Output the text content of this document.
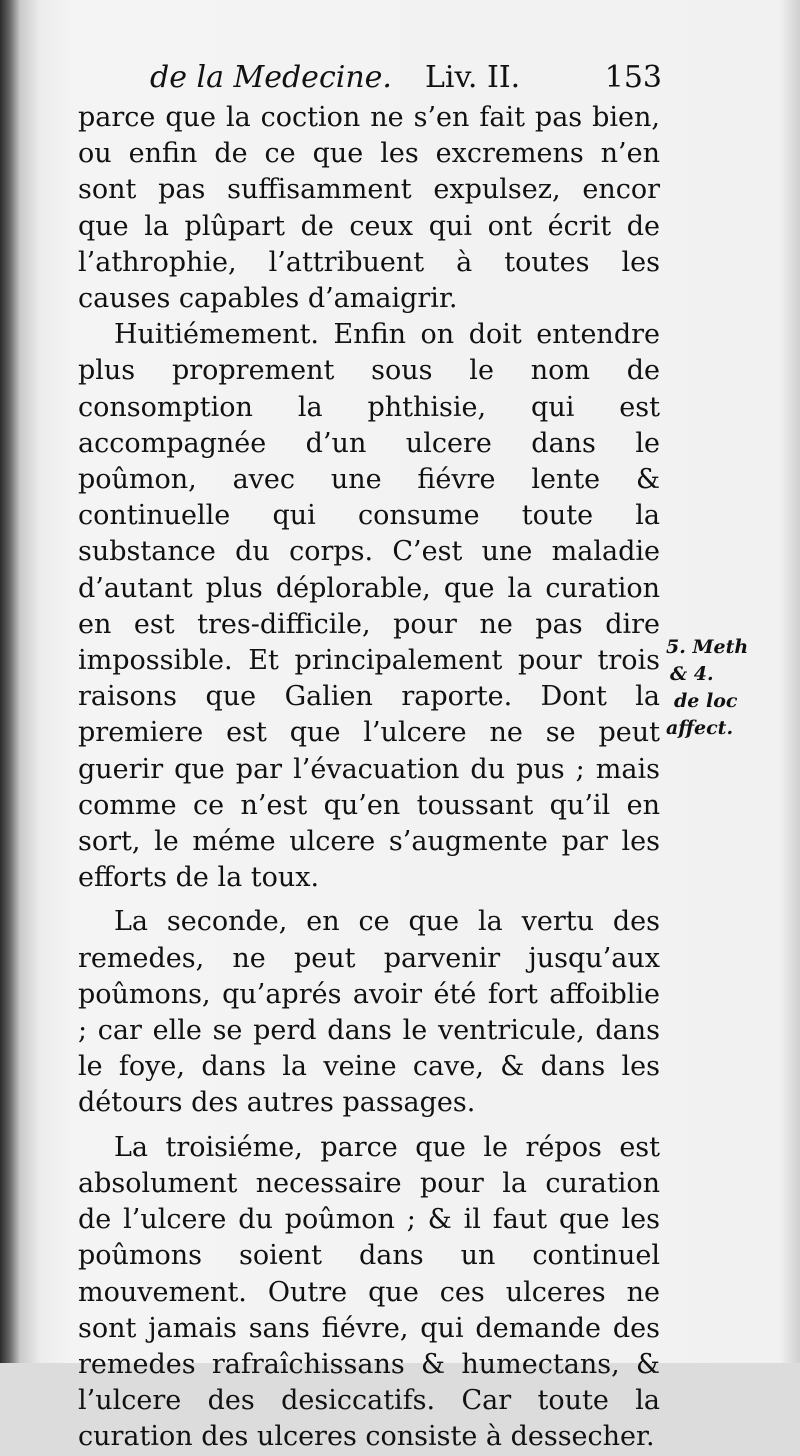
de la Medecine. Liv. II.	153

parce que la coction ne s’en fait pas bien, ou enfin de ce que les excremens n’en sont pas suffisamment expulsez, encor que la plûpart de ceux qui ont écrit de l’athrophie, l’attribuent à toutes les causes capables d’amaigrir.

Huitiémement. Enfin on doit entendre plus proprement sous le nom de consomption la phthisie, qui est accompagnée d’un ulcere dans le poûmon, avec une fiévre lente & continuelle qui consume toute la substance du corps. C’est une maladie d’autant plus déplorable, que la curation en est tres-difficile, pour ne pas dire impossible. Et principalement pour trois raisons que Galien raporte. Dont la premiere est que l’ulcere ne se peut guerir que par l’évacuation du pus ; mais comme ce n’est qu’en toussant qu’il en sort, le méme ulcere s’augmente par les efforts de la toux.

La seconde, en ce que la vertu des remedes, ne peut parvenir jusqu’aux poûmons, qu’aprés avoir été fort affoiblie ; car elle se perd dans le ventricule, dans le foye, dans la veine cave, & dans les détours des autres passages.

La troisiéme, parce que le répos est absolument necessaire pour la curation de l’ulcere du poûmon ; & il faut que les poûmons soient dans un continuel mouvement. Outre que ces ulceres ne sont jamais sans fiévre, qui demande des remedes rafraîchissans & humectans, & l’ulcere des desiccatifs. Car toute la curation des ulceres consiste à dessecher.

5. Meth
& 4.
de loc
affect.
